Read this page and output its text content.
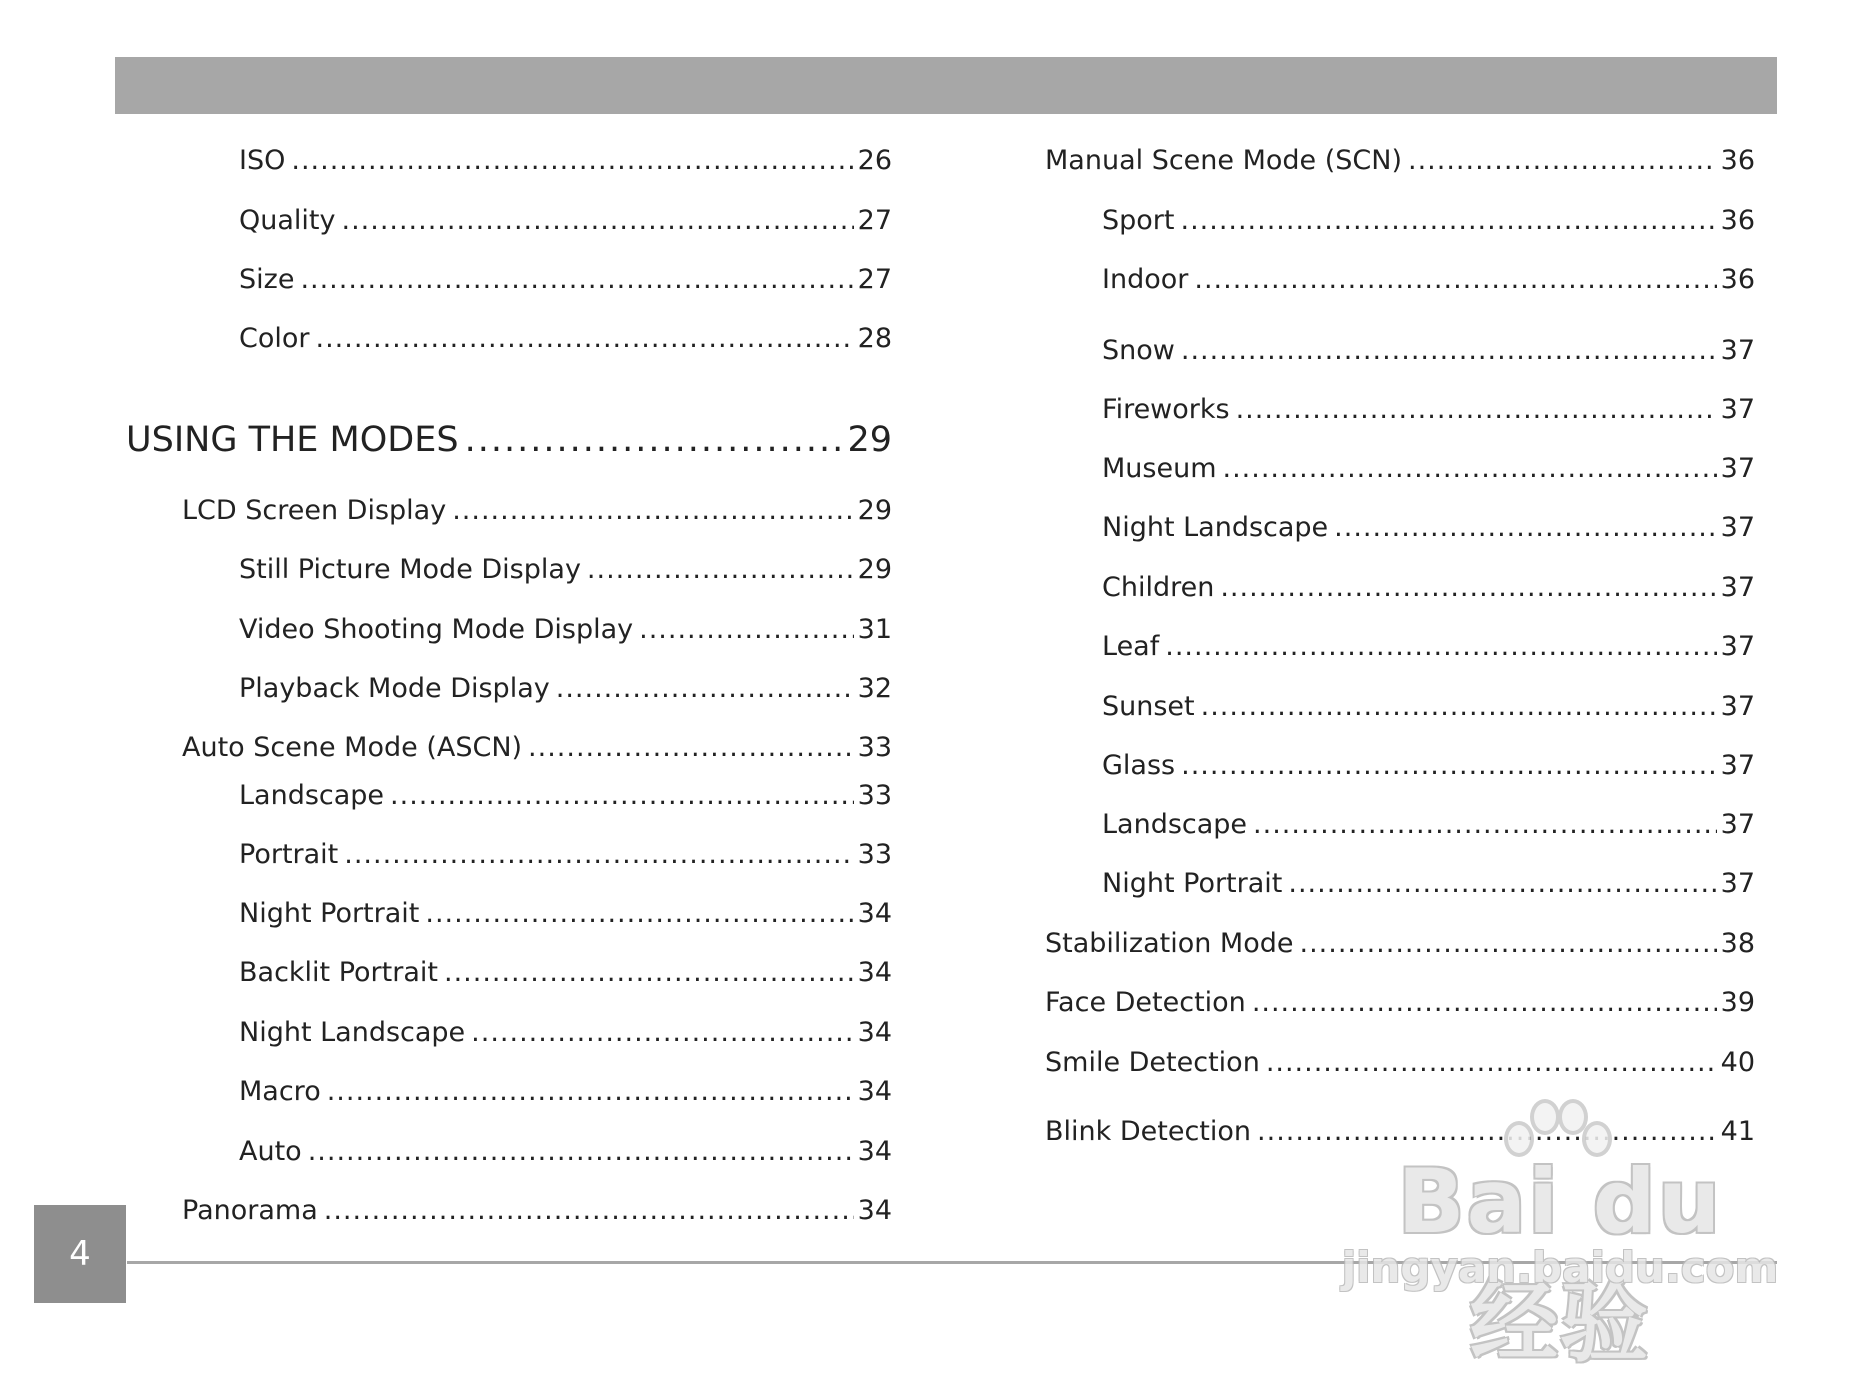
ISO .....	26
Quality .....	27
Size .....	27
Color .....	28
USING THE MODES .....	29
LCD Screen Display .....	29
Still Picture Mode Display .....	29
Video Shooting Mode Display .....	31
Playback Mode Display .....	32
Auto Scene Mode (ASCN) .....	33
Landscape .....	33
Portrait .....	33
Night Portrait .....	34
Backlit Portrait .....	34
Night Landscape .....	34
Macro .....	34
Auto .....	34
Panorama .....	34
Manual Scene Mode (SCN) .....	36
Sport .....	36
Indoor .....	36
Snow .....	37
Fireworks .....	37
Museum .....	37
Night Landscape .....	37
Children .....	37
Leaf .....	37
Sunset .....	37
Glass .....	37
Landscape .....	37
Night Portrait .....	37
Stabilization Mode .....	38
Face Detection .....	39
Smile Detection .....	40
Blink Detection .....	41
4
Bai du 经验
jingyan.baidu.com
